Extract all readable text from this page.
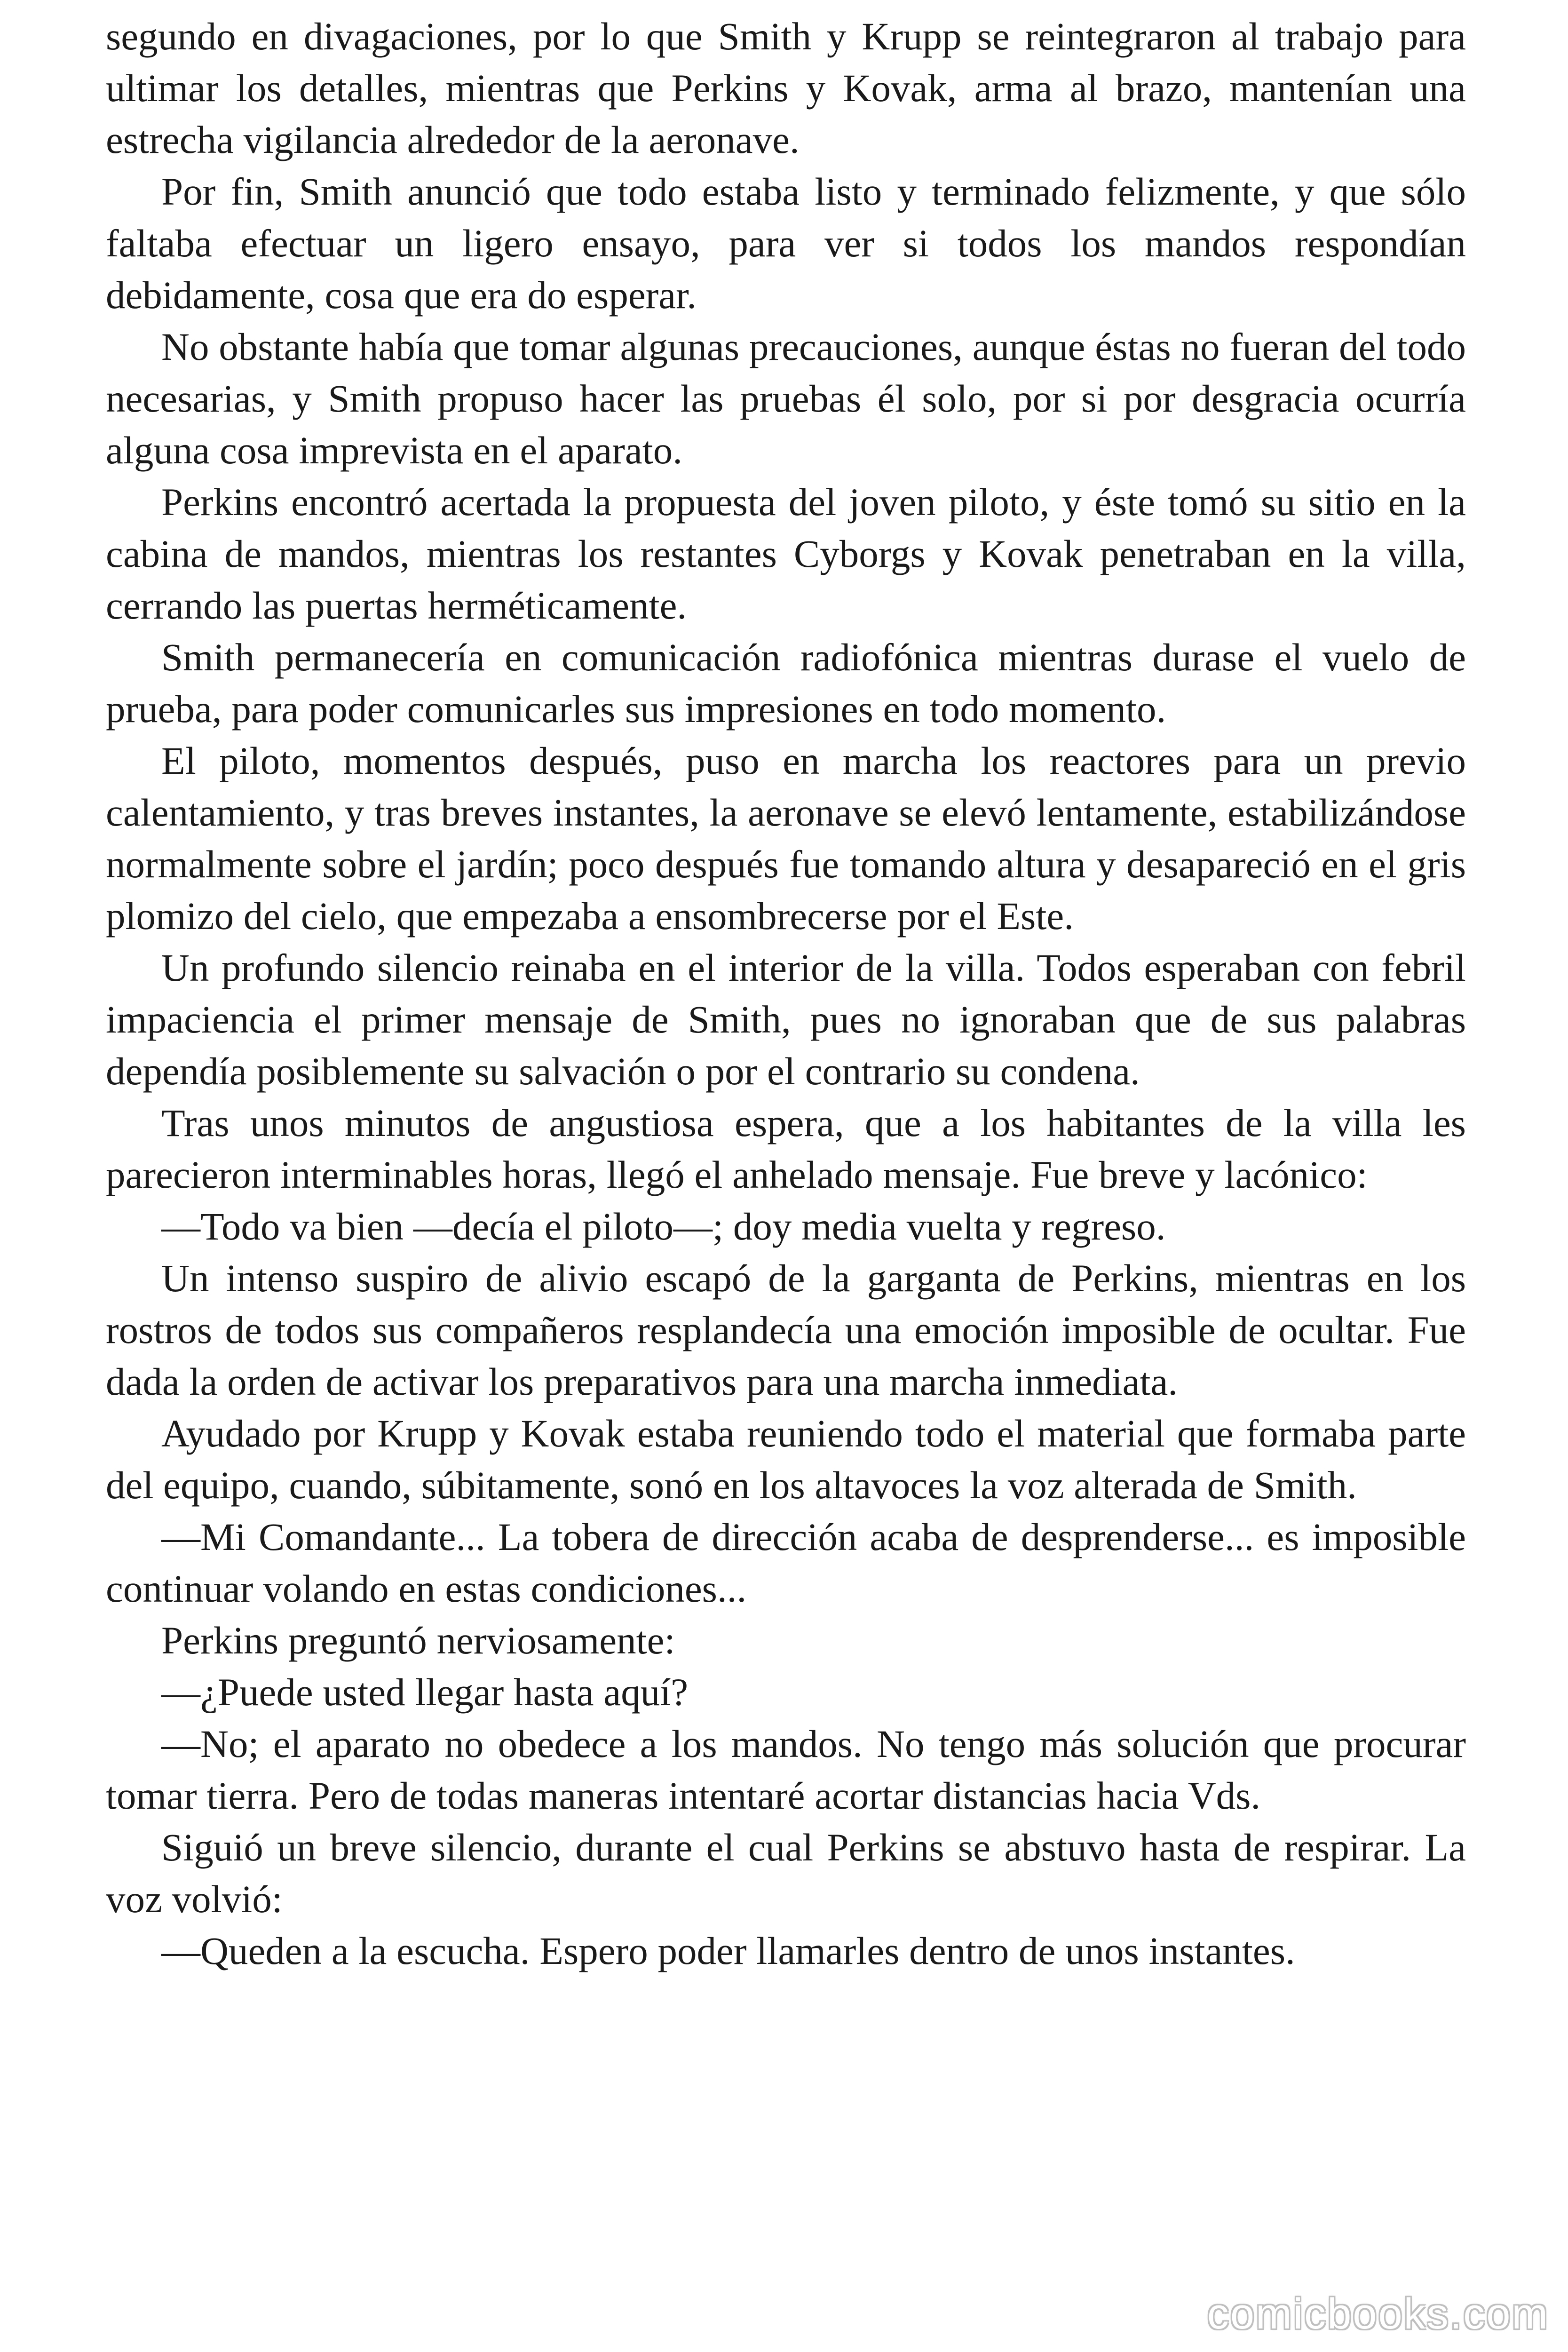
segundo en divagaciones, por lo que Smith y Krupp se reintegraron al trabajo para ultimar los detalles, mientras que Perkins y Kovak, arma al brazo, mantenían una estrecha vigilancia alrededor de la aeronave.

Por fin, Smith anunció que todo estaba listo y terminado felizmente, y que sólo faltaba efectuar un ligero ensayo, para ver si todos los mandos respondían debidamente, cosa que era do esperar.

No obstante había que tomar algunas precauciones, aunque éstas no fueran del todo necesarias, y Smith propuso hacer las pruebas él solo, por si por desgracia ocurría alguna cosa imprevista en el aparato.

Perkins encontró acertada la propuesta del joven piloto, y éste tomó su sitio en la cabina de mandos, mientras los restantes Cyborgs y Kovak penetraban en la villa, cerrando las puertas herméticamente.

Smith permanecería en comunicación radiofónica mientras durase el vuelo de prueba, para poder comunicarles sus impresiones en todo momento.

El piloto, momentos después, puso en marcha los reactores para un previo calentamiento, y tras breves instantes, la aeronave se elevó lentamente, estabilizándose normalmente sobre el jardín; poco después fue tomando altura y desapareció en el gris plomizo del cielo, que empezaba a ensombrecerse por el Este.

Un profundo silencio reinaba en el interior de la villa. Todos esperaban con febril impaciencia el primer mensaje de Smith, pues no ignoraban que de sus palabras dependía posiblemente su salvación o por el contrario su condena.

Tras unos minutos de angustiosa espera, que a los habitantes de la villa les parecieron interminables horas, llegó el anhelado mensaje. Fue breve y lacónico:

—Todo va bien —decía el piloto—; doy media vuelta y regreso.

Un intenso suspiro de alivio escapó de la garganta de Perkins, mientras en los rostros de todos sus compañeros resplandecía una emoción imposible de ocultar. Fue dada la orden de activar los preparativos para una marcha inmediata.

Ayudado por Krupp y Kovak estaba reuniendo todo el material que formaba parte del equipo, cuando, súbitamente, sonó en los altavoces la voz alterada de Smith.

—Mi Comandante... La tobera de dirección acaba de desprenderse... es imposible continuar volando en estas condiciones...

Perkins preguntó nerviosamente:

—¿Puede usted llegar hasta aquí?

—No; el aparato no obedece a los mandos. No tengo más solución que procurar tomar tierra. Pero de todas maneras intentaré acortar distancias hacia Vds.

Siguió un breve silencio, durante el cual Perkins se abstuvo hasta de respirar. La voz volvió:

—Queden a la escucha. Espero poder llamarles dentro de unos instantes.

comicbooks.com
